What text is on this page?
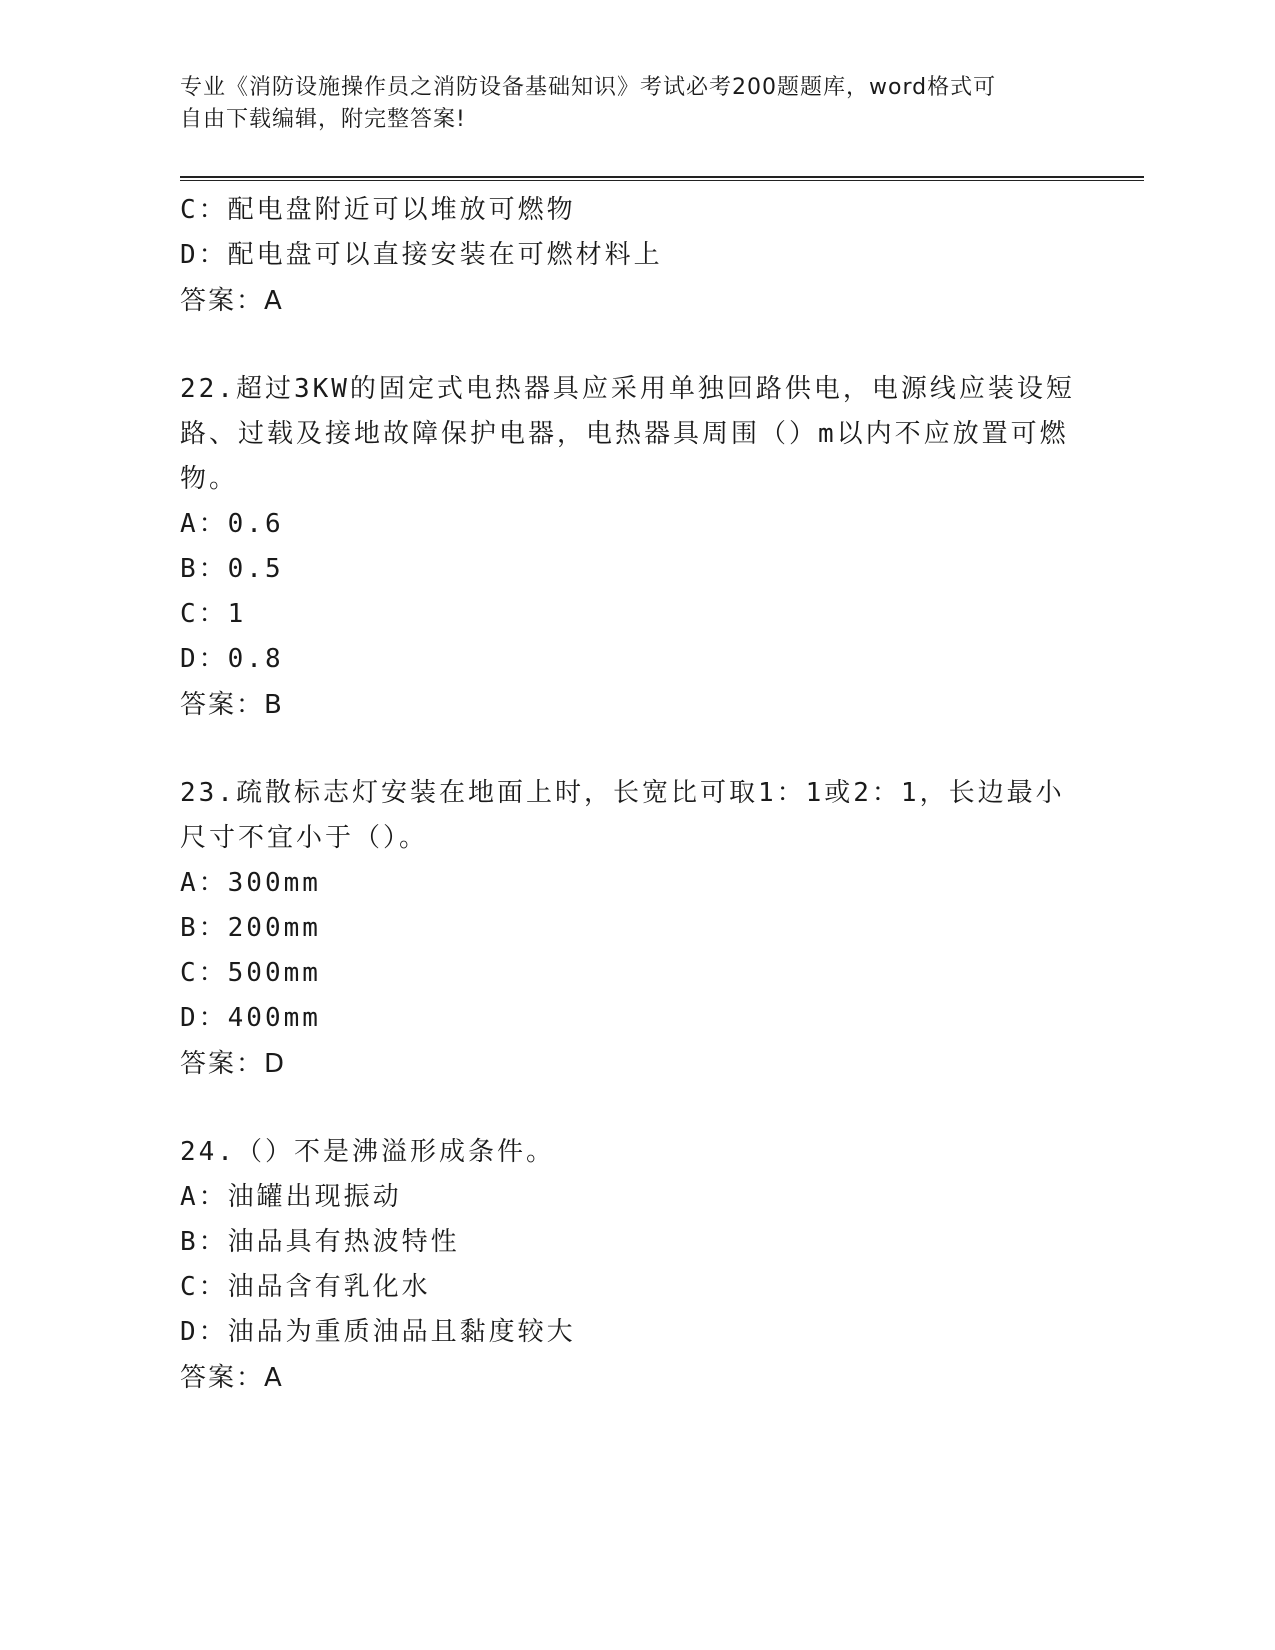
专业《消防设施操作员之消防设备基础知识》考试必考200题题库，word格式可
自由下载编辑，附完整答案!
C：配电盘附近可以堆放可燃物
D：配电盘可以直接安装在可燃材料上
答案：A
22.超过3KW的固定式电热器具应采用单独回路供电，电源线应装设短
路、过载及接地故障保护电器，电热器具周围（）m以内不应放置可燃
物。
A：0.6
B：0.5
C：1
D：0.8
答案：B
23.疏散标志灯安装在地面上时，长宽比可取1：1或2：1，长边最小
尺寸不宜小于（）。
A：300mm
B：200mm
C：500mm
D：400mm
答案：D
24.（）不是沸溢形成条件。
A：油罐出现振动
B：油品具有热波特性
C：油品含有乳化水
D：油品为重质油品且黏度较大
答案：A
